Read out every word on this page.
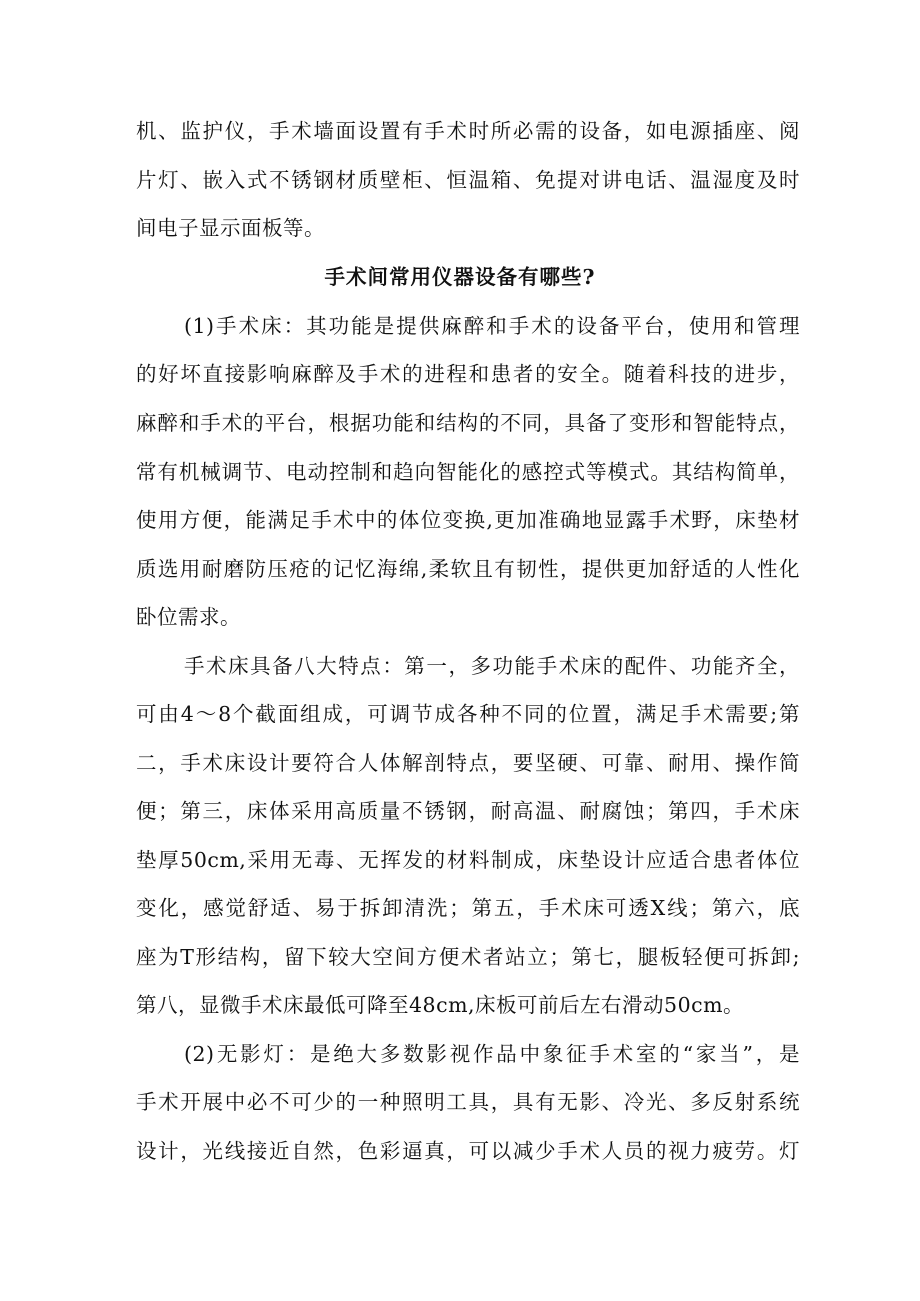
机、监护仪，手术墙面设置有手术时所必需的设备，如电源插座、阅
片灯、嵌入式不锈钢材质壁柜、恒温箱、免提对讲电话、温湿度及时
间电子显示面板等。
手术间常用仪器设备有哪些?
(1)手术床：其功能是提供麻醉和手术的设备平台，使用和管理
的好坏直接影响麻醉及手术的进程和患者的安全。随着科技的进步，
麻醉和手术的平台，根据功能和结构的不同，具备了变形和智能特点，
常有机械调节、电动控制和趋向智能化的感控式等模式。其结构简单，
使用方便，能满足手术中的体位变换,更加准确地显露手术野，床垫材
质选用耐磨防压疮的记忆海绵,柔软且有韧性，提供更加舒适的人性化
卧位需求。
手术床具备八大特点：第一，多功能手术床的配件、功能齐全，
可由4～8个截面组成，可调节成各种不同的位置，满足手术需要;第
二，手术床设计要符合人体解剖特点，要坚硬、可靠、耐用、操作简
便；第三，床体采用高质量不锈钢，耐高温、耐腐蚀；第四，手术床
垫厚50cm,采用无毒、无挥发的材料制成，床垫设计应适合患者体位
变化，感觉舒适、易于拆卸清洗；第五，手术床可透X线；第六，底
座为T形结构，留下较大空间方便术者站立；第七，腿板轻便可拆卸;
第八，显微手术床最低可降至48cm,床板可前后左右滑动50cm。
(2)无影灯：是绝大多数影视作品中象征手术室的“家当”，是
手术开展中必不可少的一种照明工具，具有无影、冷光、多反射系统
设计，光线接近自然，色彩逼真，可以减少手术人员的视力疲劳。灯
